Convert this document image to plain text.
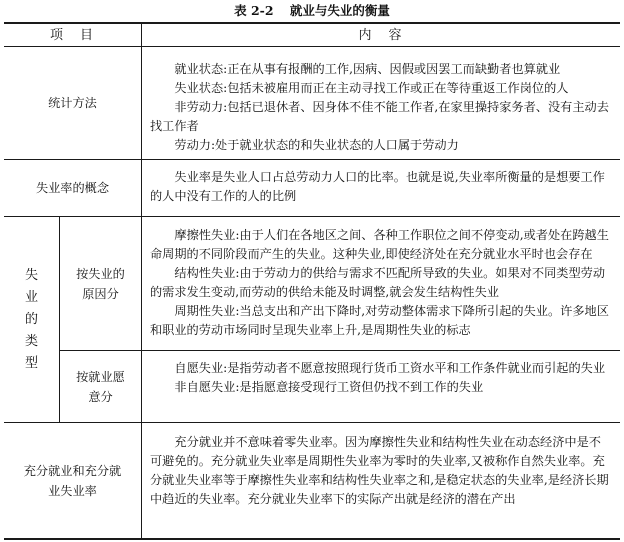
表 2-2 就业与失业的衡量
项　目	内　容
统计方法

就业状态:正在从事有报酬的工作,因病、因假或因罢工而缺勤者也算就业

失业状态:包括未被雇用而正在主动寻找工作或正在等待重返工作岗位的人

非劳动力:包括已退休者、因身体不佳不能工作者,在家里操持家务者、没有主动去找工作者

劳动力:处于就业状态的和失业状态的人口属于劳动力

失业率的概念

失业率是失业人口占总劳动力人口的比率。也就是说,失业率所衡量的是想要工作的人中没有工作的人的比例

失业的类型
按失业的原因分

摩擦性失业:由于人们在各地区之间、各种工作职位之间不停变动,或者处在跨越生命周期的不同阶段而产生的失业。这种失业,即使经济处在充分就业水平时也会存在

结构性失业:由于劳动力的供给与需求不匹配所导致的失业。如果对不同类型劳动的需求发生变动,而劳动的供给未能及时调整,就会发生结构性失业

周期性失业:当总支出和产出下降时,对劳动整体需求下降所引起的失业。许多地区和职业的劳动市场同时呈现失业率上升,是周期性失业的标志

按就业愿意分

自愿失业:是指劳动者不愿意按照现行货币工资水平和工作条件就业而引起的失业

非自愿失业:是指愿意接受现行工资但仍找不到工作的失业

充分就业和充分就业失业率

充分就业并不意味着零失业率。因为摩擦性失业和结构性失业在动态经济中是不可避免的。充分就业失业率是周期性失业率为零时的失业率,又被称作自然失业率。充分就业失业率等于摩擦性失业率和结构性失业率之和,是稳定状态的失业率,是经济长期中趋近的失业率。充分就业失业率下的实际产出就是经济的潜在产出
